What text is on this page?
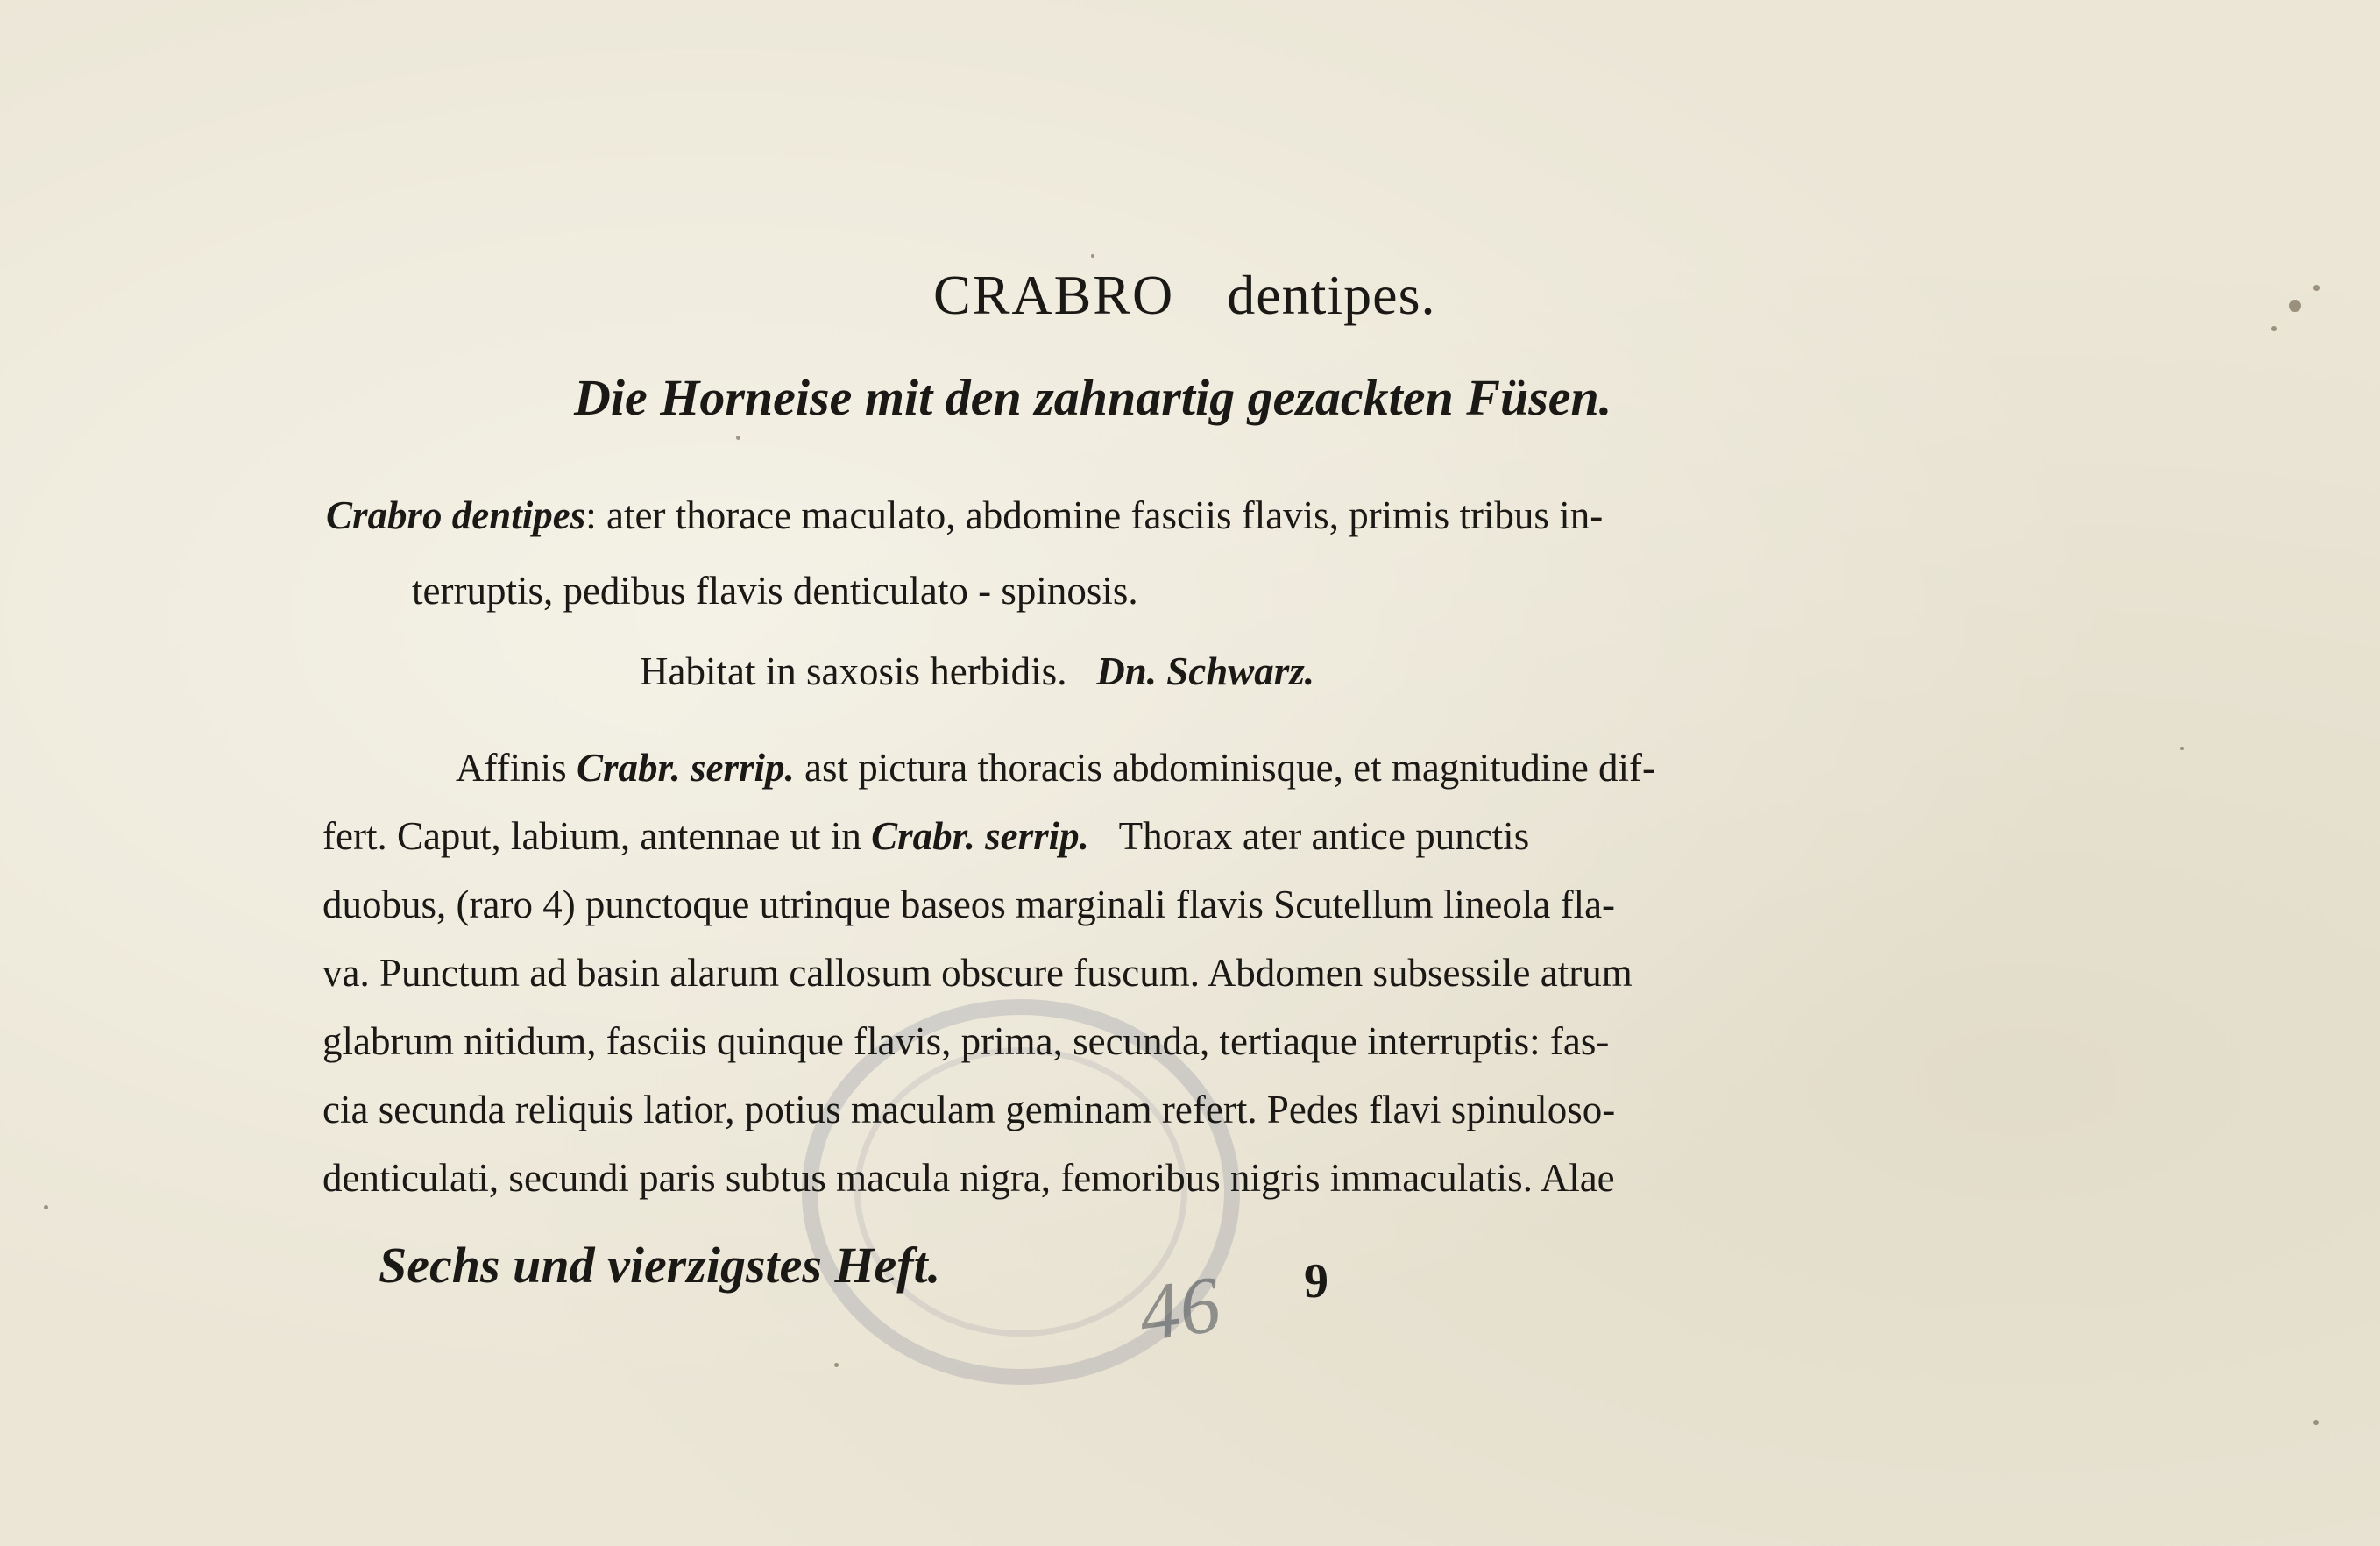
46
CRABRO dentipes.
Die Horneise mit den zahnartig gezackten Füsen.
Crabro dentipes: ater thorace maculato, abdomine fasciis flavis, primis tribus in-
terruptis, pedibus flavis denticulato - spinosis.
Habitat in saxosis herbidis. Dn. Schwarz.
Affinis Crabr. serrip. ast pictura thoracis abdominisque, et magnitudine dif-
fert. Caput, labium, antennae ut in Crabr. serrip. Thorax ater antice punctis
duobus, (raro 4) punctoque utrinque baseos marginali flavis Scutellum lineola fla-
va. Punctum ad basin alarum callosum obscure fuscum. Abdomen subsessile atrum
glabrum nitidum, fasciis quinque flavis, prima, secunda, tertiaque interruptis: fas-
cia secunda reliquis latior, potius maculam geminam refert. Pedes flavi spinuloso-
denticulati, secundi paris subtus macula nigra, femoribus nigris immaculatis. Alae
Sechs und vierzigstes Heft.	9
